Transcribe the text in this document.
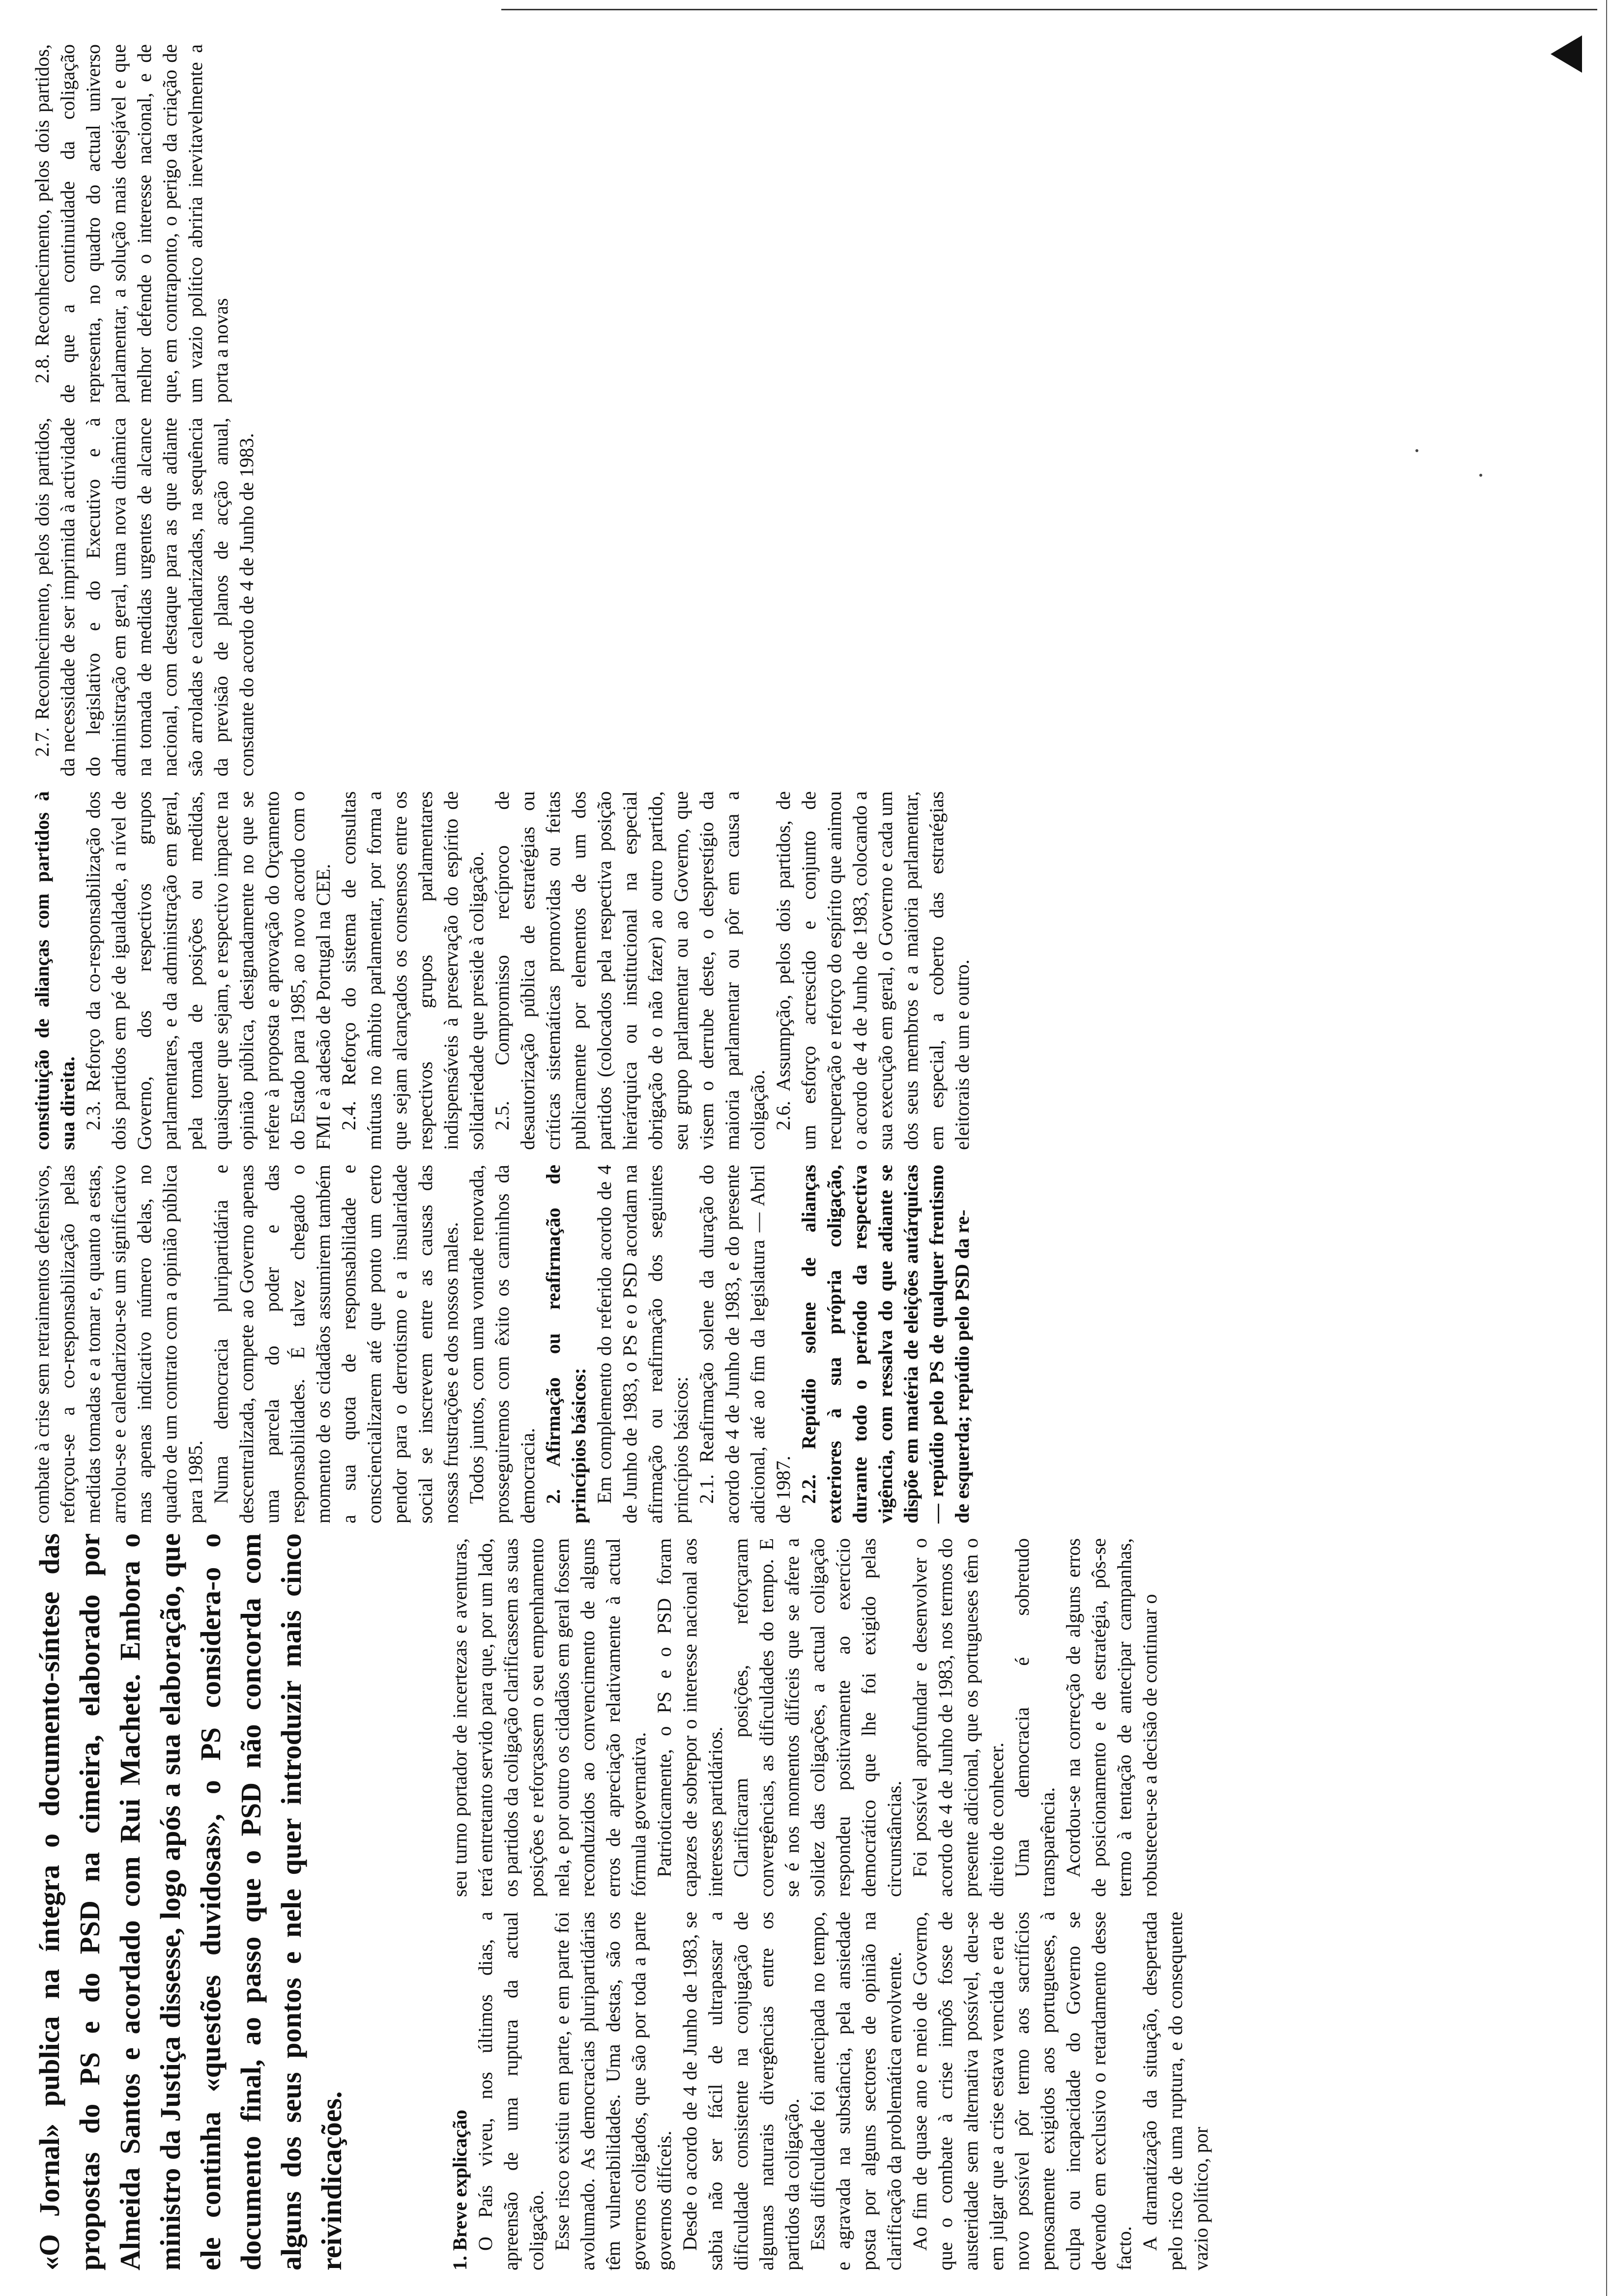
«O Jornal» publica na íntegra o documento-síntese das propostas do PS e do PSD na cimeira, elaborado por Almeida Santos e acordado com Rui Machete. Embora o ministro da Justiça dissesse, logo após a sua elaboração, que ele continha «questões duvidosas», o PS considera-o o documento final, ao passo que o PSD não concorda com alguns dos seus pontos e nele quer introduzir mais cinco reivindicações.	1. Breve explicação O País viveu, nos últimos dias, a apreensão de uma ruptura da actual coligação. Esse risco existiu em parte, e em parte foi avolumado. As democracias pluripartidárias têm vulnerabilidades. Uma destas, são os governos coligados, que são por toda a parte governos difíceis. Desde o acordo de 4 de Junho de 1983, se sabia não ser fácil de ultrapassar a dificuldade consistente na conjugação de algumas naturais divergências entre os partidos da coligação. Essa dificuldade foi antecipada no tempo, e agravada na substância, pela ansiedade posta por alguns sectores de opinião na clarificação da problemática envolvente. Ao fim de quase ano e meio de Governo, que o combate à crise impôs fosse de austeridade sem alternativa possível, deu-se em julgar que a crise estava vencida e era de novo possível pôr termo aos sacrifícios penosamente exigidos aos portugueses, à culpa ou incapacidade do Governo se devendo em exclusivo o retardamento desse facto. A dramatização da situação, despertada pelo risco de uma ruptura, e do consequente vazio político, por

seu turno portador de incertezas e aventuras, terá entretanto servido para que, por um lado, os partidos da coligação clarificassem as suas posições e reforçassem o seu empenhamento nela, e por outro os cidadãos em geral fossem reconduzidos ao convencimento de alguns erros de apreciação relativamente à actual fórmula governativa. Patrioticamente, o PS e o PSD foram capazes de sobrepor o interesse nacional aos interesses partidários. Clarificaram posições, reforçaram convergências, as dificuldades do tempo. E se é nos momentos difíceis que se afere a solidez das coligações, a actual coligação respondeu positivamente ao exercício democrático que lhe foi exigido pelas circunstâncias. Foi possível aprofundar e desenvolver o acordo de 4 de Junho de 1983, nos termos do presente adicional, que os portugueses têm o direito de conhecer. Uma democracia é sobretudo transparência. Acordou-se na correcção de alguns erros de posicionamento e de estratégia, pôs-se termo à tentação de antecipar campanhas, robusteceu-se a decisão de continuar o

combate à crise sem retraimentos defensivos, reforçou-se a co-responsabilização pelas medidas tomadas e a tomar e, quanto a estas, arrolou-se e calendarizou-se um significativo mas apenas indicativo número delas, no quadro de um contrato com a opinião pública para 1985. Numa democracia pluripartidária e descentralizada, compete ao Governo apenas uma parcela do poder e das responsabilidades. É talvez chegado o momento de os cidadãos assumirem também a sua quota de responsabilidade e consciencializarem até que ponto um certo pendor para o derrotismo e a insularidade social se inscrevem entre as causas das nossas frustrações e dos nossos males. Todos juntos, com uma vontade renovada, prosseguiremos com êxito os caminhos da democracia. 2. Afirmação ou reafirmação de princípios básicos: Em complemento do referido acordo de 4 de Junho de 1983, o PS e o PSD acordam na afirmação ou reafirmação dos seguintes princípios básicos: 2.1. Reafirmação solene da duração do acordo de 4 de Junho de 1983, e do presente adicional, até ao fim da legislatura — Abril de 1987. 2.2. Repúdio solene de alianças exteriores à sua própria coligação, durante todo o período da respectiva vigência, com ressalva do que adiante se dispõe em matéria de eleições autárquicas — repúdio pelo PS de qualquer frentismo de esquerda; repúdio pelo PSD da re-

constituição de alianças com partidos à sua direita. 2.3. Reforço da co-responsabilização dos dois partidos em pé de igualdade, a nível de Governo, dos respectivos grupos parlamentares, e da administração em geral, pela tomada de posições ou medidas, quaisquer que sejam, e respectivo impacte na opinião pública, designadamente no que se refere à proposta e aprovação do Orçamento do Estado para 1985, ao novo acordo com o FMI e à adesão de Portugal na CEE. 2.4. Reforço do sistema de consultas mútuas no âmbito parlamentar, por forma a que sejam alcançados os consensos entre os respectivos grupos parlamentares indispensáveis à preservação do espírito de solidariedade que preside à coligação. 2.5. Compromisso recíproco de desautorização pública de estratégias ou críticas sistemáticas promovidas ou feitas publicamente por elementos de um dos partidos (colocados pela respectiva posição hierárquica ou institucional na especial obrigação de o não fazer) ao outro partido, seu grupo parlamentar ou ao Governo, que visem o derrube deste, o desprestígio da maioria parlamentar ou pôr em causa a coligação. 2.6. Assumpção, pelos dois partidos, de um esforço acrescido e conjunto de recuperação e reforço do espírito que animou o acordo de 4 de Junho de 1983, colocando a sua execução em geral, o Governo e cada um dos seus membros e a maioria parlamentar, em especial, a coberto das estratégias eleitorais de um e outro.

2.7. Reconhecimento, pelos dois partidos, da necessidade de ser imprimida à actividade do legislativo e do Executivo e à administração em geral, uma nova dinâmica na tomada de medidas urgentes de alcance nacional, com destaque para as que adiante são arroladas e calendarizadas, na sequência da previsão de planos de acção anual, constante do acordo de 4 de Junho de 1983.

2.8. Reconhecimento, pelos dois partidos, de que a continuidade da coligação representa, no quadro do actual universo parlamentar, a solução mais desejável e que melhor defende o interesse nacional, e de que, em contraponto, o perigo da criação de um vazio político abriria inevitavelmente a porta a novas
